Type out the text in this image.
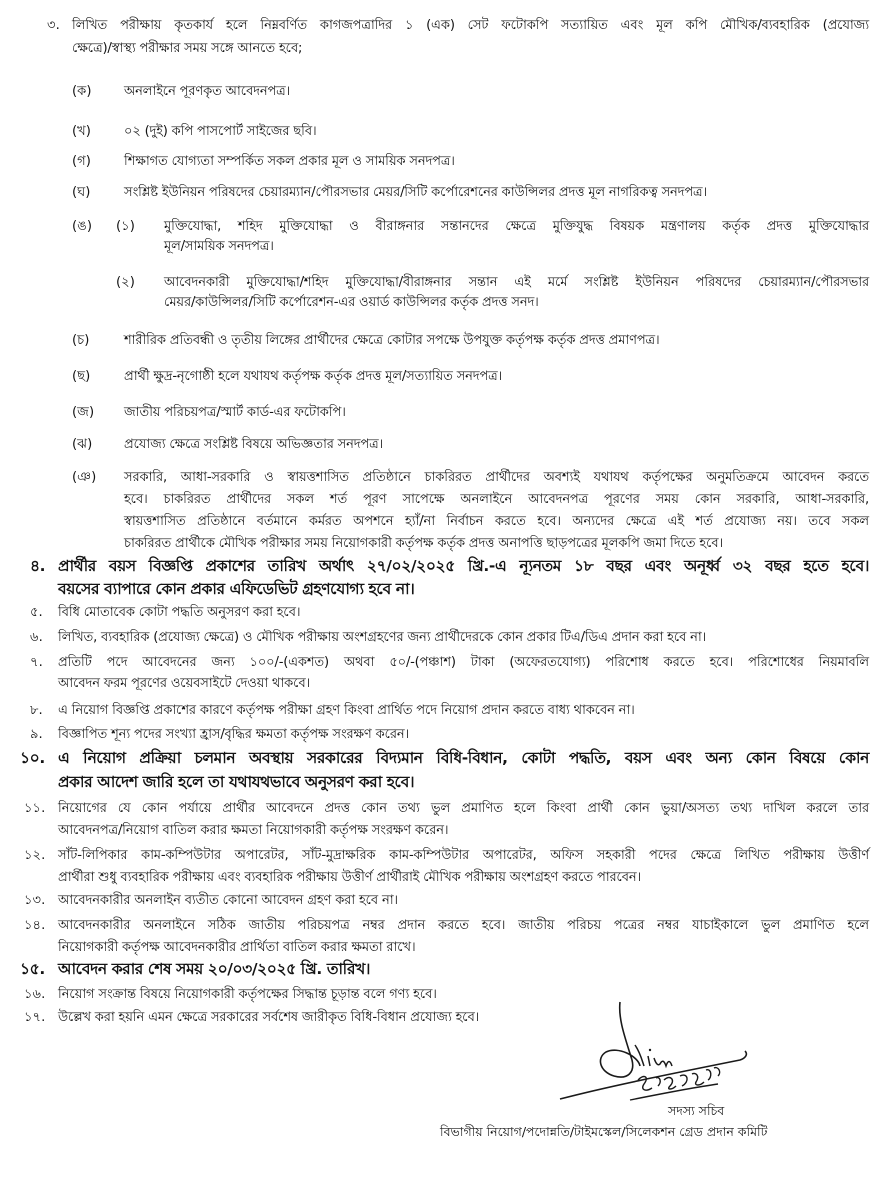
৩. লিখিত পরীক্ষায় কৃতকার্য হলে নিম্নবর্ণিত কাগজপত্রাদির ১ (এক) সেট ফটোকপি সত্যায়িত এবং মূল কপি মৌখিক/ব্যবহারিক (প্রযোজ্য
ক্ষেত্রে)/স্বাস্থ্য পরীক্ষার সময় সঙ্গে আনতে হবে;
(ক) অনলাইনে পূরণকৃত আবেদনপত্র।
(খ)	০২ (দুই) কপি পাসপোর্ট সাইজের ছবি।
(গ)	শিক্ষাগত যোগ্যতা সম্পর্কিত সকল প্রকার মূল ও সাময়িক সনদপত্র।
(ঘ)	সংশ্লিষ্ট ইউনিয়ন পরিষদের চেয়ারম্যান/পৌরসভার মেয়র/সিটি কর্পোরেশনের কাউন্সিলর প্রদত্ত মূল নাগরিকত্ব সনদপত্র।
(ঙ) (১) মুক্তিযোদ্ধা, শহিদ মুক্তিযোদ্ধা ও বীরাঙ্গনার সন্তানদের ক্ষেত্রে মুক্তিযুদ্ধ বিষয়ক মন্ত্রণালয় কর্তৃক প্রদত্ত মুক্তিযোদ্ধার
মূল/সাময়িক সনদপত্র।
(২) আবেদনকারী মুক্তিযোদ্ধা/শহিদ মুক্তিযোদ্ধা/বীরাঙ্গনার সন্তান এই মর্মে সংশ্লিষ্ট ইউনিয়ন পরিষদের চেয়ারম্যান/পৌরসভার
মেয়র/কাউন্সিলর/সিটি কর্পোরেশন-এর ওয়ার্ড কাউন্সিলর কর্তৃক প্রদত্ত সনদ।
(চ)	শারীরিক প্রতিবন্ধী ও তৃতীয় লিঙ্গের প্রার্থীদের ক্ষেত্রে কোটার সপক্ষে উপযুক্ত কর্তৃপক্ষ কর্তৃক প্রদত্ত প্রমাণপত্র।
(ছ)	প্রার্থী ক্ষুদ্র-নৃগোষ্ঠী হলে যথাযথ কর্তৃপক্ষ কর্তৃক প্রদত্ত মূল/সত্যায়িত সনদপত্র।
(জ) জাতীয় পরিচয়পত্র/স্মার্ট কার্ড-এর ফটোকপি।
(ঝ) প্রযোজ্য ক্ষেত্রে সংশ্লিষ্ট বিষয়ে অভিজ্ঞতার সনদপত্র।
(ঞ) সরকারি, আধা-সরকারি ও স্বায়ত্তশাসিত প্রতিষ্ঠানে চাকরিরত প্রার্থীদের অবশ্যই যথাযথ কর্তৃপক্ষের অনুমতিক্রমে আবেদন করতে
হবে। চাকরিরত প্রার্থীদের সকল শর্ত পূরণ সাপেক্ষে অনলাইনে আবেদনপত্র পূরণের সময় কোন সরকারি, আধা-সরকারি,
স্বায়ত্তশাসিত প্রতিষ্ঠানে বর্তমানে কর্মরত অপশনে হ্যাঁ/না নির্বাচন করতে হবে। অন্যদের ক্ষেত্রে এই শর্ত প্রযোজ্য নয়। তবে সকল
চাকরিরত প্রার্থীকে মৌখিক পরীক্ষার সময় নিয়োগকারী কর্তৃপক্ষ কর্তৃক প্রদত্ত অনাপত্তি ছাড়পত্রের মূলকপি জমা দিতে হবে।
৪. প্রার্থীর বয়স বিজ্ঞপ্তি প্রকাশের তারিখ অর্থাৎ ২৭/০২/২০২৫ খ্রি.-এ ন্যূনতম ১৮ বছর এবং অনূর্ধ্ব ৩২ বছর হতে হবে।
বয়সের ব্যাপারে কোন প্রকার এফিডেভিট গ্রহণযোগ্য হবে না।
৫. বিধি মোতাবেক কোটা পদ্ধতি অনুসরণ করা হবে।
৬. লিখিত, ব্যবহারিক (প্রযোজ্য ক্ষেত্রে) ও মৌখিক পরীক্ষায় অংশগ্রহণের জন্য প্রার্থীদেরকে কোন প্রকার টিএ/ডিএ প্রদান করা হবে না।
৭. প্রতিটি পদে আবেদনের জন্য ১০০/-(একশত) অথবা ৫০/-(পঞ্চাশ) টাকা (অফেরতযোগ্য) পরিশোধ করতে হবে। পরিশোধের নিয়মাবলি
আবেদন ফরম পূরণের ওয়েবসাইটে দেওয়া থাকবে।
৮. এ নিয়োগ বিজ্ঞপ্তি প্রকাশের কারণে কর্তৃপক্ষ পরীক্ষা গ্রহণ কিংবা প্রার্থিত পদে নিয়োগ প্রদান করতে বাধ্য থাকবেন না।
৯. বিজ্ঞাপিত শূন্য পদের সংখ্যা হ্রাস/বৃদ্ধির ক্ষমতা কর্তৃপক্ষ সংরক্ষণ করেন।
১০. এ নিয়োগ প্রক্রিয়া চলমান অবস্থায় সরকারের বিদ্যমান বিধি-বিধান, কোটা পদ্ধতি, বয়স এবং অন্য কোন বিষয়ে কোন
প্রকার আদেশ জারি হলে তা যথাযথভাবে অনুসরণ করা হবে।
১১. নিয়োগের যে কোন পর্যায়ে প্রার্থীর আবেদনে প্রদত্ত কোন তথ্য ভুল প্রমাণিত হলে কিংবা প্রার্থী কোন ভুয়া/অসত্য তথ্য দাখিল করলে তার
আবেদনপত্র/নিয়োগ বাতিল করার ক্ষমতা নিয়োগকারী কর্তৃপক্ষ সংরক্ষণ করেন।
১২. সাঁট-লিপিকার কাম-কম্পিউটার অপারেটর, সাঁট-মুদ্রাক্ষরিক কাম-কম্পিউটার অপারেটর, অফিস সহকারী পদের ক্ষেত্রে লিখিত পরীক্ষায় উত্তীর্ণ
প্রার্থীরা শুধু ব্যবহারিক পরীক্ষায় এবং ব্যবহারিক পরীক্ষায় উত্তীর্ণ প্রার্থীরাই মৌখিক পরীক্ষায় অংশগ্রহণ করতে পারবেন।
১৩. আবেদনকারীর অনলাইন ব্যতীত কোনো আবেদন গ্রহণ করা হবে না।
১৪. আবেদনকারীর অনলাইনে সঠিক জাতীয় পরিচয়পত্র নম্বর প্রদান করতে হবে। জাতীয় পরিচয় পত্রের নম্বর যাচাইকালে ভুল প্রমাণিত হলে
নিয়োগকারী কর্তৃপক্ষ আবেদনকারীর প্রার্থিতা বাতিল করার ক্ষমতা রাখে।
১৫. আবেদন করার শেষ সময় ২০/০৩/২০২৫ খ্রি. তারিখ।
১৬. নিয়োগ সংক্রান্ত বিষয়ে নিয়োগকারী কর্তৃপক্ষের সিদ্ধান্ত চূড়ান্ত বলে গণ্য হবে।
১৭. উল্লেখ করা হয়নি এমন ক্ষেত্রে সরকারের সর্বশেষ জারীকৃত বিধি-বিধান প্রযোজ্য হবে।
সদস্য সচিব
বিভাগীয় নিয়োগ/পদোন্নতি/টাইমস্কেল/সিলেকশন গ্রেড প্রদান কমিটি
